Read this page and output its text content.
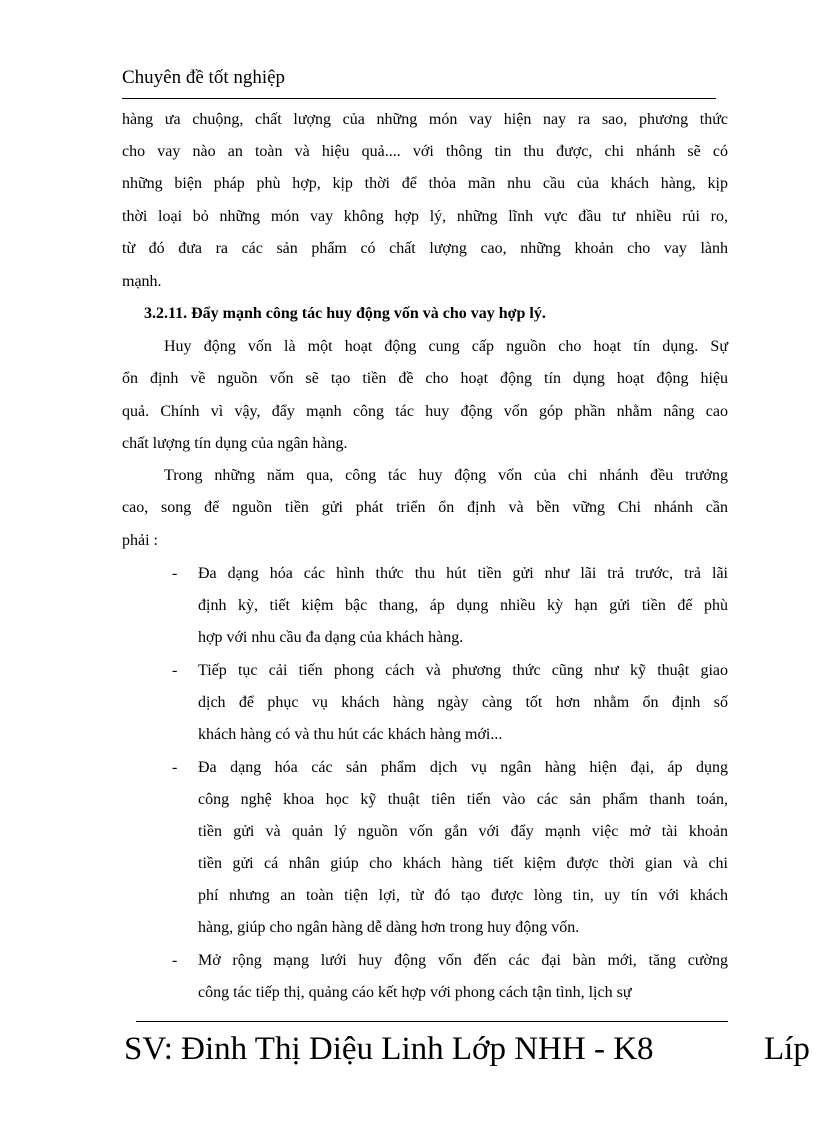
Chuyên đề tốt nghiệp
hàng ưa chuộng, chất lượng của những món vay hiện nay ra sao, phương thức
cho vay nào an toàn và hiệu quả.... với thông tin thu được, chi nhánh sẽ có
những biện pháp phù hợp, kịp thời để thỏa mãn nhu cầu của khách hàng, kịp
thời loại bỏ những món vay không hợp lý, những lĩnh vực đầu tư nhiều rủi ro,
từ đó đưa ra các sản phẩm có chất lượng cao, những khoản cho vay lành
mạnh.
3.2.11. Đẩy mạnh công tác huy động vốn và cho vay hợp lý.
Huy động vốn là một hoạt động cung cấp nguồn cho hoạt tín dụng. Sự
ổn định về nguồn vốn sẽ tạo tiền đề cho hoạt động tín dụng hoạt động hiệu
quả. Chính vì vậy, đẩy mạnh công tác huy động vốn góp phần nhằm nâng cao
chất lượng tín dụng của ngân hàng.
Trong những năm qua, công tác huy động vốn của chi nhánh đều trưởng
cao, song để nguồn tiền gửi phát triển ổn định và bền vững Chi nhánh cần
phải :
- Đa dạng hóa các hình thức thu hút tiền gửi như lãi trả trước, trả lãi
định kỳ, tiết kiệm bậc thang, áp dụng nhiều kỳ hạn gửi tiền để phù
hợp với nhu cầu đa dạng của khách hàng.
- Tiếp tục cải tiến phong cách và phương thức cũng như kỹ thuật giao
dịch để phục vụ khách hàng ngày càng tốt hơn nhằm ổn định số
khách hàng có và thu hút các khách hàng mới...
- Đa dạng hóa các sản phẩm dịch vụ ngân hàng hiện đại, áp dụng
công nghệ khoa học kỹ thuật tiên tiến vào các sản phẩm thanh toán,
tiền gửi và quản lý nguồn vốn gắn với đẩy mạnh việc mở tài khoản
tiền gửi cá nhân giúp cho khách hàng tiết kiệm được thời gian và chi
phí nhưng an toàn tiện lợi, từ đó tạo được lòng tin, uy tín với khách
hàng, giúp cho ngân hàng dễ dàng hơn trong huy động vốn.
- Mở rộng mạng lưới huy động vốn đến các đại bàn mới, tăng cường
công tác tiếp thị, quảng cáo kết hợp với phong cách tận tình, lịch sự
SV: Đinh Thị Diệu Linh Lớp NHH - K8	Líp
